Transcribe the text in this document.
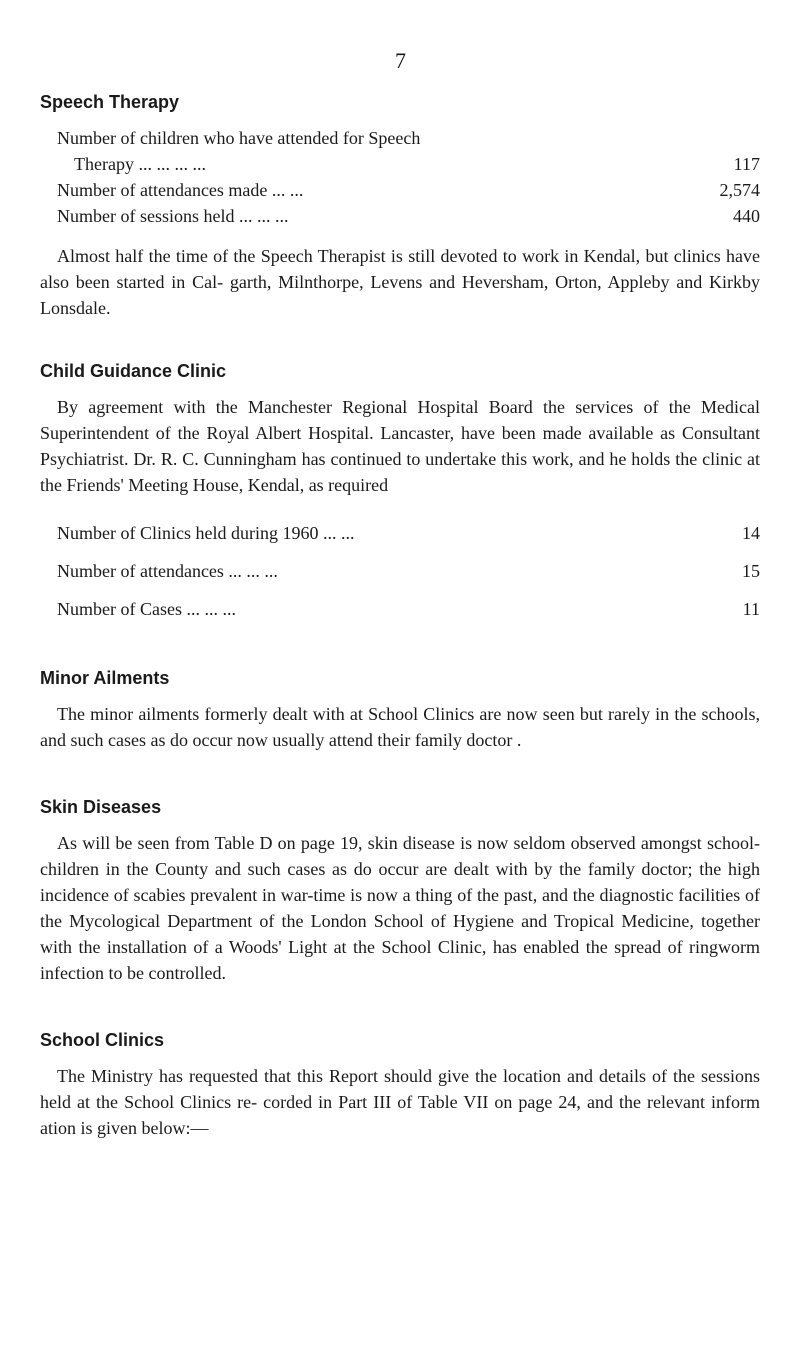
7
Speech Therapy
Number of children who have attended for Speech
Therapy ... ... ... ...	117
Number of attendances made ... ...	2,574
Number of sessions held ... ... ...	440

Almost half the time of the Speech Therapist is still devoted to work in Kendal, but clinics have also been started in Cal- garth, Milnthorpe, Levens and Heversham, Orton, Appleby and Kirkby Lonsdale.

Child Guidance Clinic

By agreement with the Manchester Regional Hospital Board the services of the Medical Superintendent of the Royal Albert Hospital. Lancaster, have been made available as Consultant Psychiatrist. Dr. R. C. Cunningham has continued to undertake this work, and he holds the clinic at the Friends' Meeting House, Kendal, as required

Number of Clinics held during 1960 ... ...	14
Number of attendances ... ... ...	15
Number of Cases ... ... ...	11
Minor Ailments

The minor ailments formerly dealt with at School Clinics are now seen but rarely in the schools, and such cases as do occur now usually attend their family doctor .

Skin Diseases

As will be seen from Table D on page 19, skin disease is now seldom observed amongst school-children in the County and such cases as do occur are dealt with by the family doctor; the high incidence of scabies prevalent in war-time is now a thing of the past, and the diagnostic facilities of the Mycological Department of the London School of Hygiene and Tropical Medicine, together with the installation of a Woods' Light at the School Clinic, has enabled the spread of ringworm infection to be controlled.

School Clinics

The Ministry has requested that this Report should give the location and details of the sessions held at the School Clinics re- corded in Part III of Table VII on page 24, and the relevant inform ation is given below:—
